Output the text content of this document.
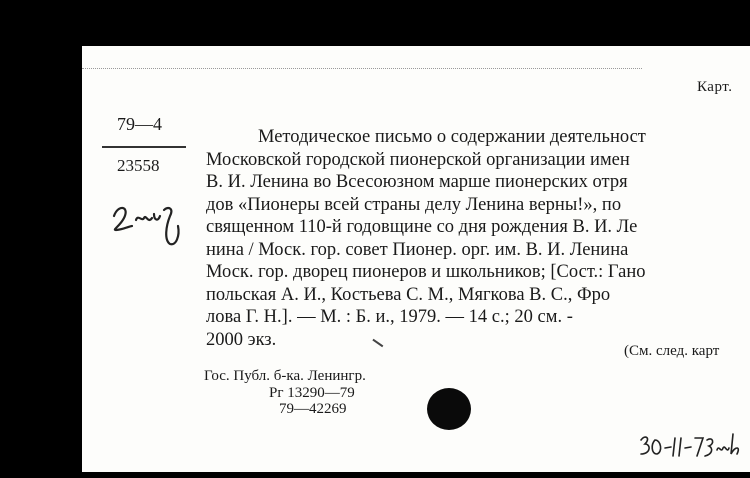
Карт.
79—4
23558
Методическое письмо о содержании деятельност
Московской городской пионерской организации имен
В. И. Ленина во Всесоюзном марше пионерских отря
дов «Пионеры всей страны делу Ленина верны!», по
священном 110-й годовщине со дня рождения В. И. Ле
нина / Моск. гор. совет Пионер. орг. им. В. И. Ленина
Моск. гор. дворец пионеров и школьников; [Сост.: Гано
польская А. И., Костьева С. М., Мягкова В. С., Фро
лова Г. Н.]. — М. : Б. и., 1979. — 14 с.; 20 см. -
2000 экз.
(См. след. карт
Гос. Публ. б-ка. Ленингр.
Рг 13290—79
79—42269
